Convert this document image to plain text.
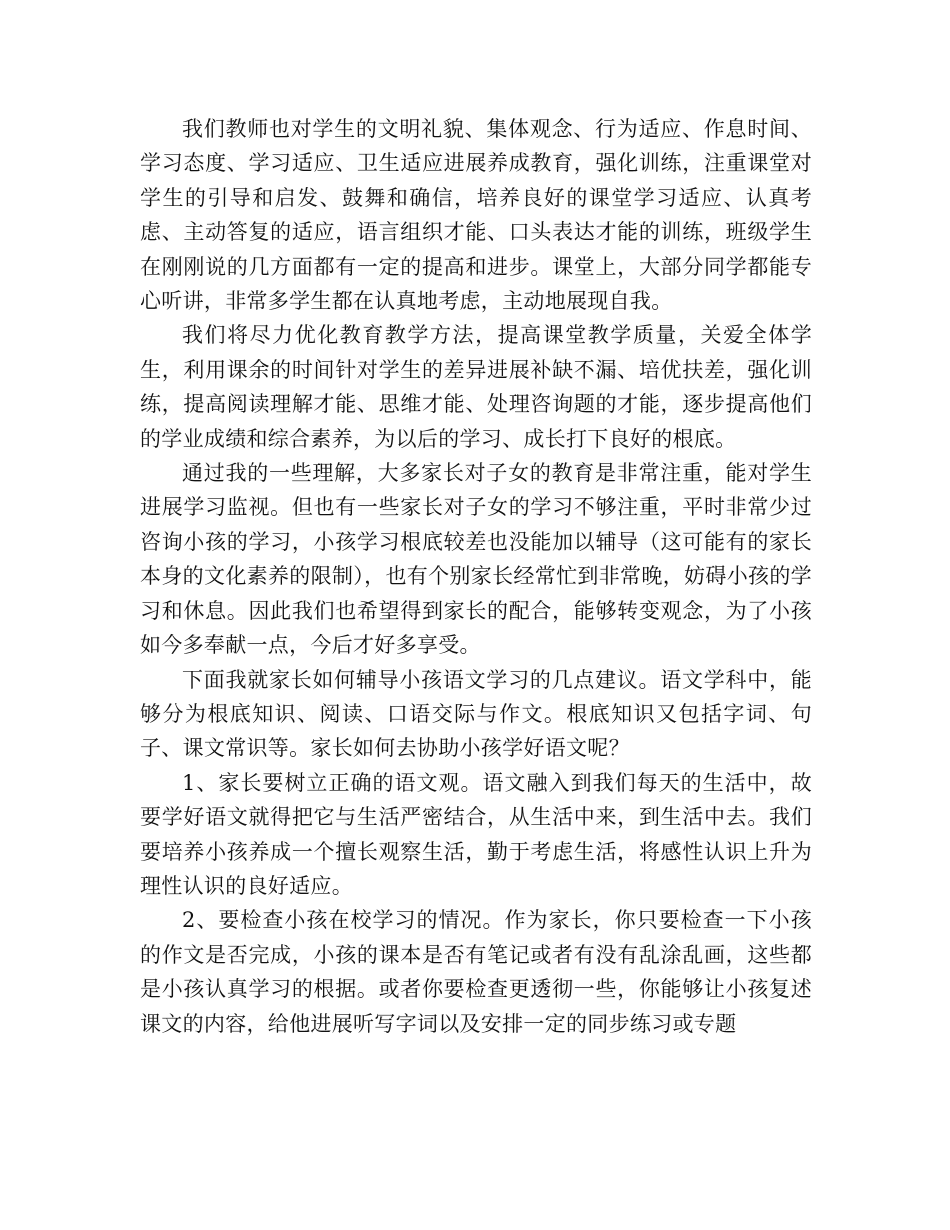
我们教师也对学生的文明礼貌、集体观念、行为适应、作息时间、学习态度、学习适应、卫生适应进展养成教育，强化训练，注重课堂对学生的引导和启发、鼓舞和确信，培养良好的课堂学习适应、认真考虑、主动答复的适应，语言组织才能、口头表达才能的训练，班级学生在刚刚说的几方面都有一定的提高和进步。课堂上，大部分同学都能专心听讲，非常多学生都在认真地考虑，主动地展现自我。

我们将尽力优化教育教学方法，提高课堂教学质量，关爱全体学生，利用课余的时间针对学生的差异进展补缺不漏、培优扶差，强化训练，提高阅读理解才能、思维才能、处理咨询题的才能，逐步提高他们的学业成绩和综合素养，为以后的学习、成长打下良好的根底。

通过我的一些理解，大多家长对子女的教育是非常注重，能对学生进展学习监视。但也有一些家长对子女的学习不够注重，平时非常少过咨询小孩的学习，小孩学习根底较差也没能加以辅导（这可能有的家长本身的文化素养的限制），也有个别家长经常忙到非常晚，妨碍小孩的学习和休息。因此我们也希望得到家长的配合，能够转变观念，为了小孩如今多奉献一点，今后才好多享受。

下面我就家长如何辅导小孩语文学习的几点建议。语文学科中，能够分为根底知识、阅读、口语交际与作文。根底知识又包括字词、句子、课文常识等。家长如何去协助小孩学好语文呢？

1、家长要树立正确的语文观。语文融入到我们每天的生活中，故要学好语文就得把它与生活严密结合，从生活中来，到生活中去。我们要培养小孩养成一个擅长观察生活，勤于考虑生活，将感性认识上升为理性认识的良好适应。

2、要检查小孩在校学习的情况。作为家长，你只要检查一下小孩的作文是否完成，小孩的课本是否有笔记或者有没有乱涂乱画，这些都是小孩认真学习的根据。或者你要检查更透彻一些，你能够让小孩复述课文的内容，给他进展听写字词以及安排一定的同步练习或专题
